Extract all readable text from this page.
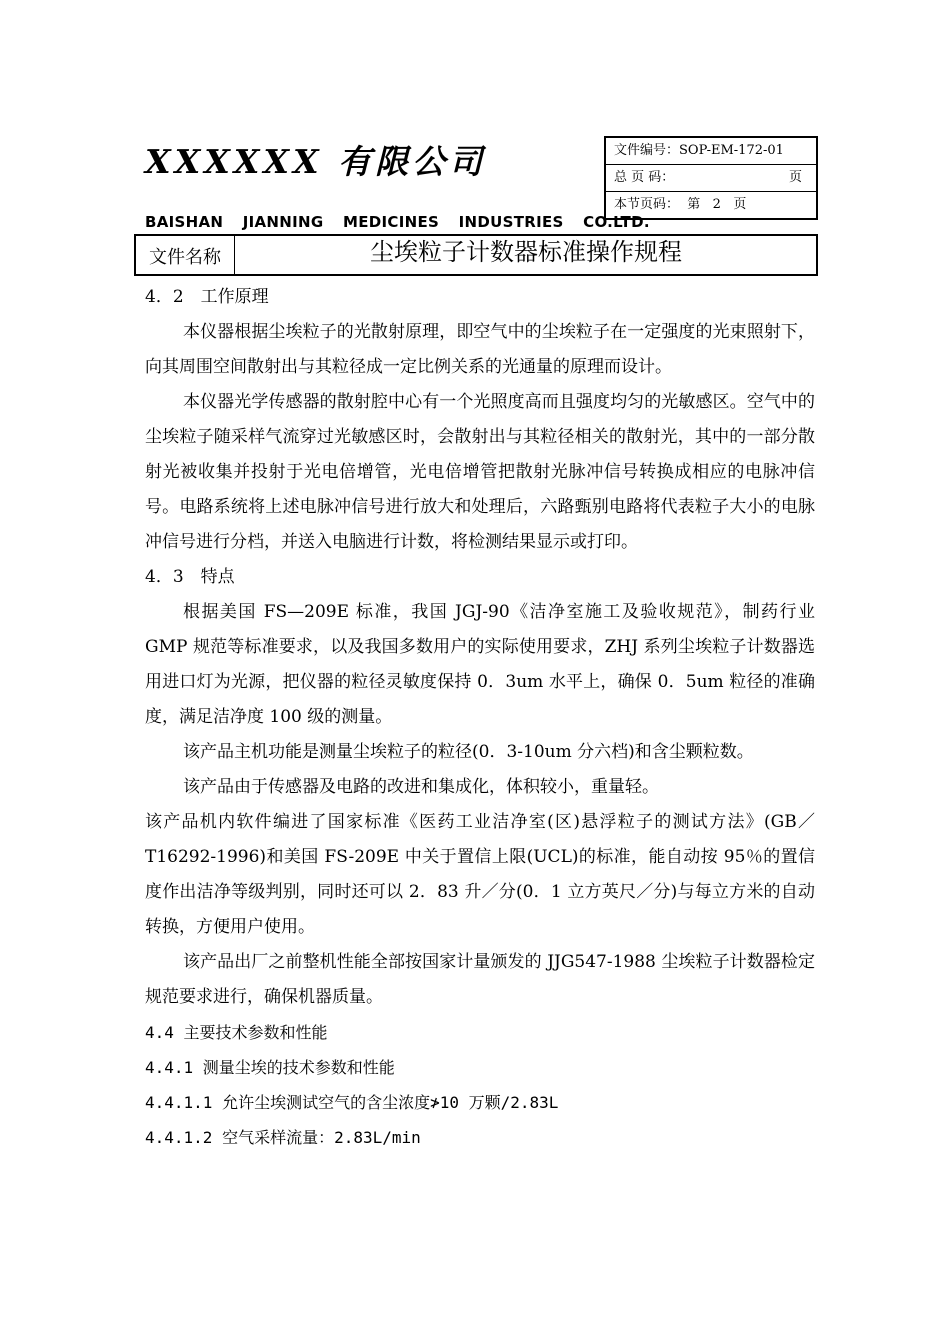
XXXXXX 有限公司
BAISHAN JIANNING MEDICINES INDUSTRIES CO.LTD.
文件编号：SOP-EM-172-01
总 页 码：	页
本节页码：  第   2   页
文件名称	尘埃粒子计数器标准操作规程

4．2　工作原理

本仪器根据尘埃粒子的光散射原理，即空气中的尘埃粒子在一定强度的光束照射下，向其周围空间散射出与其粒径成一定比例关系的光通量的原理而设计。

本仪器光学传感器的散射腔中心有一个光照度高而且强度均匀的光敏感区。空气中的尘埃粒子随采样气流穿过光敏感区时，会散射出与其粒径相关的散射光，其中的一部分散射光被收集并投射于光电倍增管，光电倍增管把散射光脉冲信号转换成相应的电脉冲信号。电路系统将上述电脉冲信号进行放大和处理后，六路甄别电路将代表粒子大小的电脉冲信号进行分档，并送入电脑进行计数，将检测结果显示或打印。

4．3　特点

根据美国 FS—209E 标准，我国 JGJ-90《洁净室施工及验收规范》，制药行业 GMP 规范等标准要求，以及我国多数用户的实际使用要求，ZHJ 系列尘埃粒子计数器选用进口灯为光源，把仪器的粒径灵敏度保持 0．3um 水平上，确保 0．5um 粒径的准确度，满足洁净度 100 级的测量。

该产品主机功能是测量尘埃粒子的粒径(0．3-10um 分六档)和含尘颗粒数。

该产品由于传感器及电路的改进和集成化，体积较小，重量轻。

该产品机内软件编进了国家标准《医药工业洁净室(区)悬浮粒子的测试方法》(GB／T16292-1996)和美国 FS-209E 中关于置信上限(UCL)的标准，能自动按 95％的置信度作出洁净等级判别，同时还可以 2．83 升／分(0．1 立方英尺／分)与每立方米的自动转换，方便用户使用。

该产品出厂之前整机性能全部按国家计量颁发的 JJG547-1988 尘埃粒子计数器检定规范要求进行，确保机器质量。

4.4 主要技术参数和性能

4.4.1 测量尘埃的技术参数和性能

4.4.1.1 允许尘埃测试空气的含尘浓度≯10 万颗/2.83L

4.4.1.2 空气采样流量：2.83L/min
